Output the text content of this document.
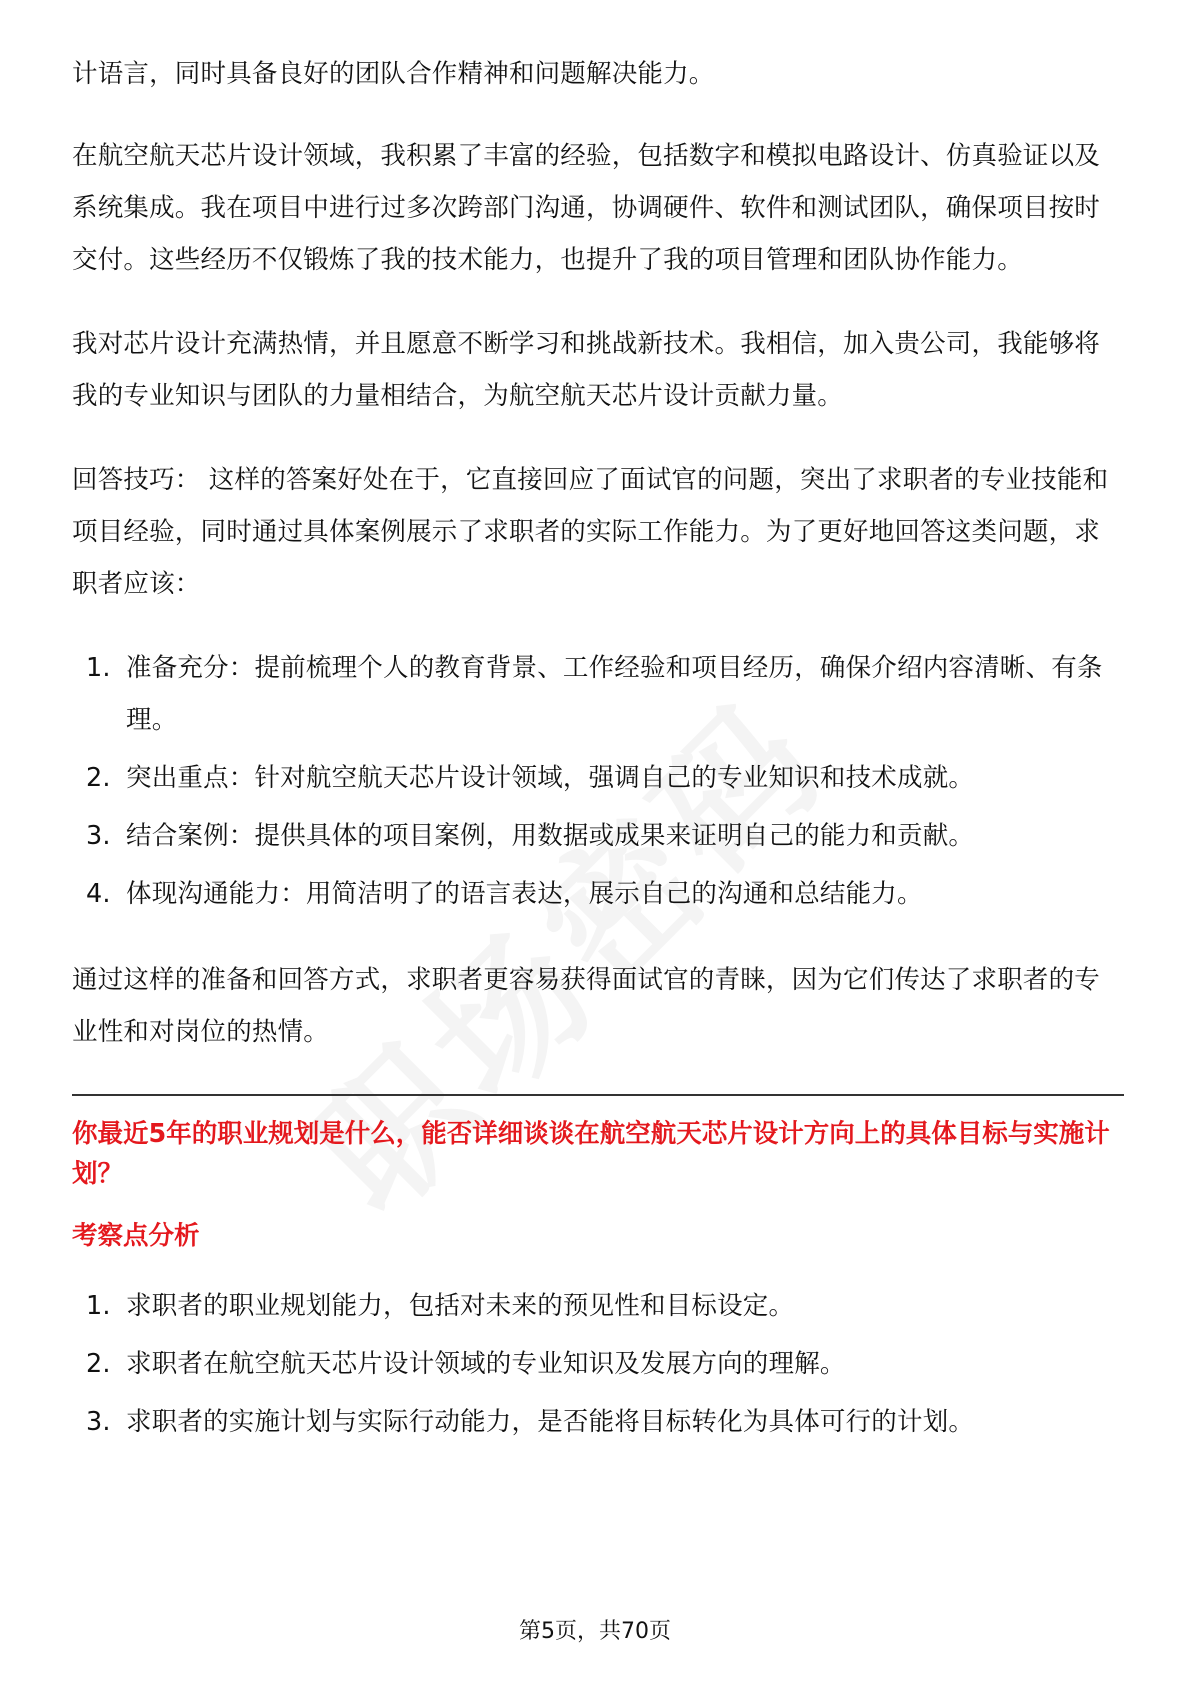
计语言，同时具备良好的团队合作精神和问题解决能力。

在航空航天芯片设计领域，我积累了丰富的经验，包括数字和模拟电路设计、仿真验证以及系统集成。我在项目中进行过多次跨部门沟通，协调硬件、软件和测试团队，确保项目按时交付。这些经历不仅锻炼了我的技术能力，也提升了我的项目管理和团队协作能力。

我对芯片设计充满热情，并且愿意不断学习和挑战新技术。我相信，加入贵公司，我能够将我的专业知识与团队的力量相结合，为航空航天芯片设计贡献力量。

回答技巧： 这样的答案好处在于，它直接回应了面试官的问题，突出了求职者的专业技能和项目经验，同时通过具体案例展示了求职者的实际工作能力。为了更好地回答这类问题，求职者应该：

1. 准备充分：提前梳理个人的教育背景、工作经验和项目经历，确保介绍内容清晰、有条理。
2. 突出重点：针对航空航天芯片设计领域，强调自己的专业知识和技术成就。
3. 结合案例：提供具体的项目案例，用数据或成果来证明自己的能力和贡献。
4. 体现沟通能力：用简洁明了的语言表达，展示自己的沟通和总结能力。

通过这样的准备和回答方式，求职者更容易获得面试官的青睐，因为它们传达了求职者的专业性和对岗位的热情。

你最近5年的职业规划是什么，能否详细谈谈在航空航天芯片设计方向上的具体目标与实施计划？
考察点分析
1. 求职者的职业规划能力，包括对未来的预见性和目标设定。
2. 求职者在航空航天芯片设计领域的专业知识及发展方向的理解。
3. 求职者的实施计划与实际行动能力，是否能将目标转化为具体可行的计划。
第5页，共70页
